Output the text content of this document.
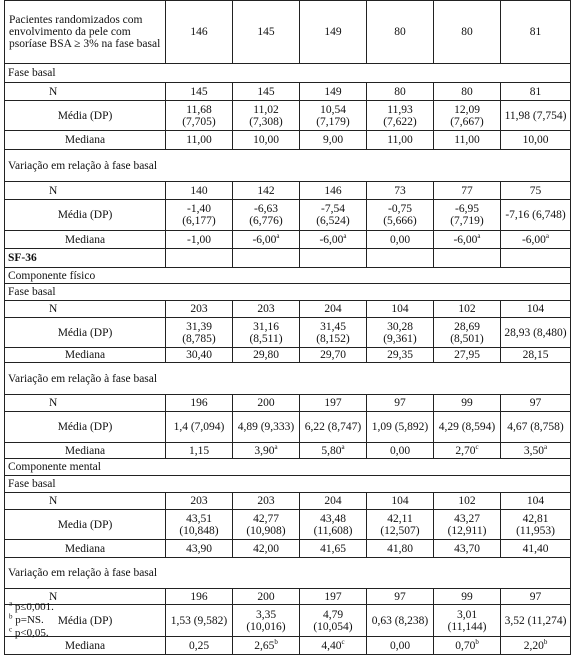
Pacientes randomizados com envolvimento da pele com psoríase BSA ≥ 3% na fase basal	146	145	149	80	80	81
Fase basal						
N	145	145	149	80	80	81
Média (DP)	11,68 (7,705)	11,02 (7,308)	10,54 (7,179)	11,93 (7,622)	12,09 (7,667)	11,98 (7,754)
Mediana	11,00	10,00	9,00	11,00	11,00	10,00
Variação em relação à fase basal						
N	140	142	146	73	77	75
Média (DP)	-1,40 (6,177)	-6,63 (6,776)	-7,54 (6,524)	-0,75 (5,666)	-6,95 (7,719)	-7,16 (6,748)
Mediana	-1,00	-6,00$^a$	-6,00$^a$	0,00	-6,00$^a$	-6,00$^a$
SF-36						
Componente físico						
Fase basal						
N	203	203	204	104	102	104
Média (DP)	31,39 (8,785)	31,16 (8,511)	31,45 (8,152)	30,28 (9,361)	28,69 (8,501)	28,93 (8,480)
Mediana	30,40	29,80	29,70	29,35	27,95	28,15
Variação em relação à fase basal						
N	196	200	197	97	99	97
Média (DP)	1,4 (7,094)	4,89 (9,333)	6,22 (8,747)	1,09 (5,892)	4,29 (8,594)	4,67 (8,758)
Mediana	1,15	3,90$^a$	5,80$^a$	0,00	2,70$^c$	3,50$^a$
Componente mental						
Fase basal						
N	203	203	204	104	102	104
Media (DP)	43,51 (10,848)	42,77 (10,908)	43,48 (11,608)	42,11 (12,507)	43,27 (12,911)	42,81 (11,953)
Mediana	43,90	42,00	41,65	41,80	43,70	41,40
Variação em relação à fase basal						
N	196	200	197	97	99	97
Média (DP)	1,53 (9,582)	3,35 (10,016)	4,79 (10,054)	0,63 (8,238)	3,01 (11,144)	3,52 (11,274)
Mediana	0,25	2,65$^b$	4,40$^c$	0,00	0,70$^b$	2,20$^b$
$^a$ p≤0,001.
$^b$ p=NS.
$^c$ p<0,05.
